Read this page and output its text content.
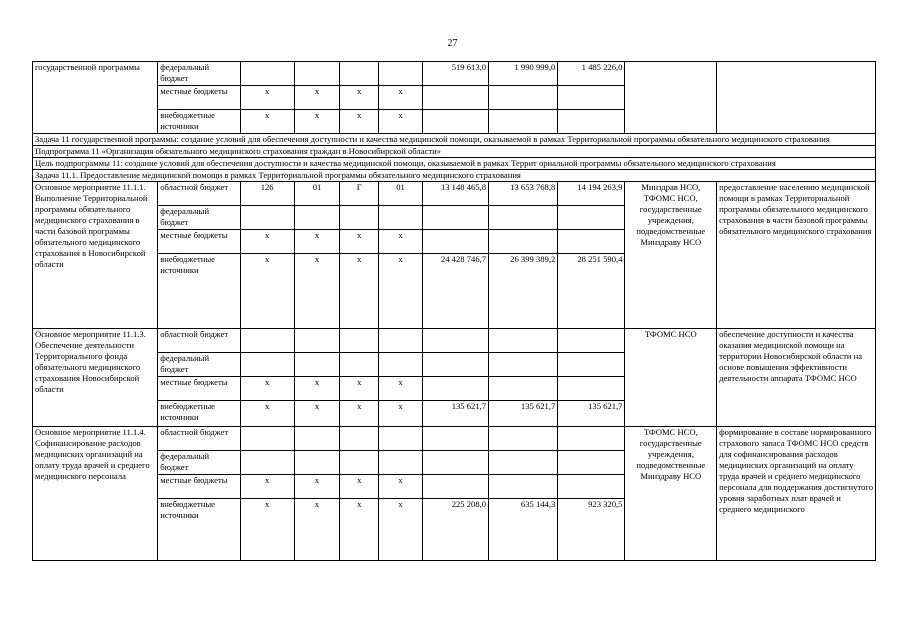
27
государственной программы	федеральный бюджет					519 613,0	1 990 999,0	1 485 226,0		
	местные бюджеты	х	х	х	х					
	внебюджетные источники	х	х	х	х					
Задача 11 государственной программы: создание условий для обеспечения доступности и качества медицинской помощи, оказываемой в рамках Территориальной программы обязательного медицинского страхования										
Подпрограмма 11 «Организация обязательного медицинского страхования граждан в Новосибирской области»										
Цель подпрограммы 11: создание условий для обеспечения доступности и качества медицинской помощи, оказываемой в рамках Террит ориальной программы обязательного медицинского страхования										
Задача 11.1. Предоставление медицинской помощи в рамках Территориальной программы обязательного медицинского страхования										
Основное мероприятие 11.1.1. Выполнение Территориальной программы обязательного медицинского страхования в части базовой программы обязательного медицинского страхования в Новосибирской области	областной бюджет	126	01	Г	01	13 148 465,8	13 653 768,8	14 194 263,9	Минздрав НСО, ТФОМС НСО, государственные учреждения, подведомственные Минздраву НСО	предоставление населению медицинской помощи в рамках Территориальной программы обязательного медицинского страхования в части базовой программы обязательного медицинского страхования
	федеральный бюджет									
	местные бюджеты	х	х	х	х					
	внебюджетные источники	х	х	х	х	24 428 746,7	26 399 389,2	28 251 590,4		
Основное мероприятие 11.1.3. Обеспечение деятельности Территориального фонда обязательного медицинского страхования Новосибирской области	областной бюджет								ТФОМС НСО	обеспечение доступности и качества оказания медицинской помощи на территории Новосибирской области на основе повышения эффективности деятельности аппарата ТФОМС НСО
	федеральный бюджет									
	местные бюджеты	х	х	х	х					
	внебюджетные источники	х	х	х	х	135 621,7	135 621,7	135 621,7		
Основное мероприятие 11.1.4. Софинансирование расходов медицинских организаций на оплату труда врачей и среднего медицинского персонала	областной бюджет								ТФОМС НСО, государственные учреждения, подведомственные Минздраву НСО	формирование в составе нормированного страхового запаса ТФОМС НСО средств для софинансирования расходов медицинских организаций на оплату труда врачей и среднего медицинского персонала для поддержания достигнутого уровня заработных плат врачей и среднего медицинского
	федеральный бюджет									
	местные бюджеты	х	х	х	х					
	внебюджетные источники	х	х	х	х	225 208,0	635 144,3	923 320,5		
